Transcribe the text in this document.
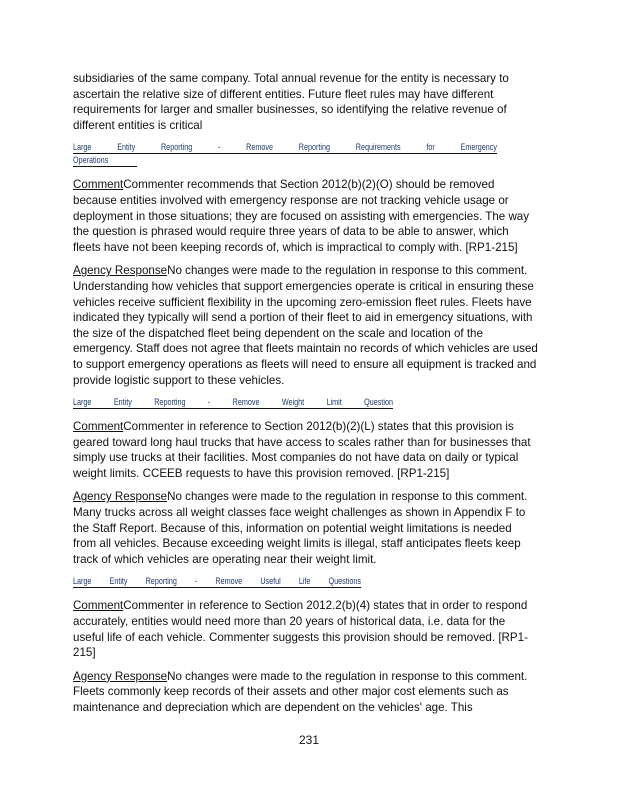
subsidiaries of the same company. Total annual revenue for the entity is necessary to ascertain the relative size of different entities. Future fleet rules may have different requirements for larger and smaller businesses, so identifying the relative revenue of different entities is critical

Large	Entity	Reporting	-	Remove	Reporting	Requirements	for	Emergency
Operations

CommentCommenter recommends that Section 2012(b)(2)(O) should be removed because entities involved with emergency response are not tracking vehicle usage or deployment in those situations; they are focused on assisting with emergencies. The way the question is phrased would require three years of data to be able to answer, which fleets have not been keeping records of, which is impractical to comply with. [RP1-215]

Agency ResponseNo changes were made to the regulation in response to this comment. Understanding how vehicles that support emergencies operate is critical in ensuring these vehicles receive sufficient flexibility in the upcoming zero-emission fleet rules. Fleets have indicated they typically will send a portion of their fleet to aid in emergency situations, with the size of the dispatched fleet being dependent on the scale and location of the emergency. Staff does not agree that fleets maintain no records of which vehicles are used to support emergency operations as fleets will need to ensure all equipment is tracked and provide logistic support to these vehicles.

Large Entity Reporting - Remove Weight Limit Question

CommentCommenter in reference to Section 2012(b)(2)(L) states that this provision is geared toward long haul trucks that have access to scales rather than for businesses that simply use trucks at their facilities. Most companies do not have data on daily or typical weight limits. CCEEB requests to have this provision removed. [RP1-215]

Agency ResponseNo changes were made to the regulation in response to this comment. Many trucks across all weight classes face weight challenges as shown in Appendix F to the Staff Report. Because of this, information on potential weight limitations is needed from all vehicles. Because exceeding weight limits is illegal, staff anticipates fleets keep track of which vehicles are operating near their weight limit.

Large Entity Reporting - Remove Useful Life Questions

CommentCommenter in reference to Section 2012.2(b)(4) states that in order to respond accurately, entities would need more than 20 years of historical data, i.e. data for the useful life of each vehicle. Commenter suggests this provision should be removed. [RP1-215]

Agency ResponseNo changes were made to the regulation in response to this comment. Fleets commonly keep records of their assets and other major cost elements such as maintenance and depreciation which are dependent on the vehicles' age. This

231
